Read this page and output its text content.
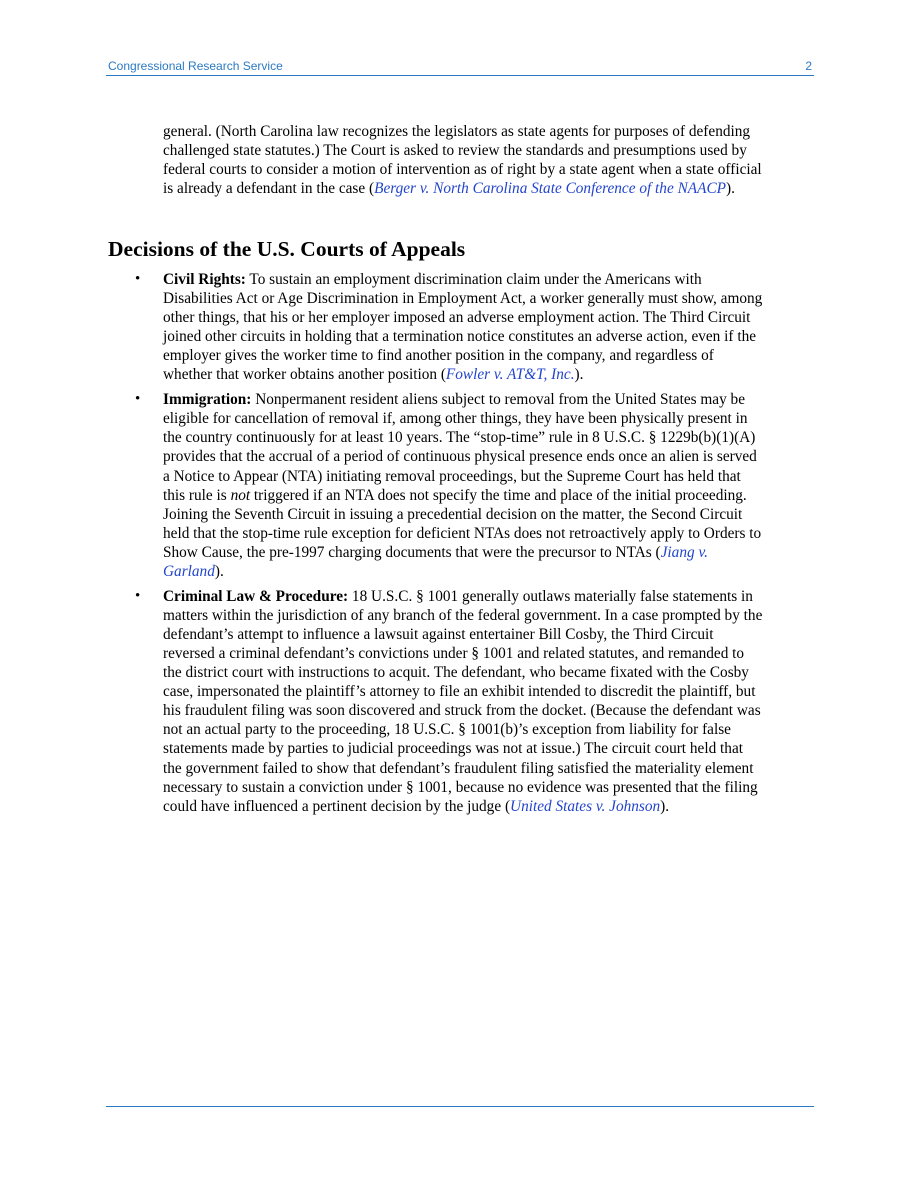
Congressional Research Service	2

general. (North Carolina law recognizes the legislators as state agents for purposes of defending challenged state statutes.) The Court is asked to review the standards and presumptions used by federal courts to consider a motion of intervention as of right by a state agent when a state official is already a defendant in the case (Berger v. North Carolina State Conference of the NAACP).

Decisions of the U.S. Courts of Appeals
• Civil Rights: To sustain an employment discrimination claim under the Americans with Disabilities Act or Age Discrimination in Employment Act, a worker generally must show, among other things, that his or her employer imposed an adverse employment action. The Third Circuit joined other circuits in holding that a termination notice constitutes an adverse action, even if the employer gives the worker time to find another position in the company, and regardless of whether that worker obtains another position (Fowler v. AT&T, Inc.).
• Immigration: Nonpermanent resident aliens subject to removal from the United States may be eligible for cancellation of removal if, among other things, they have been physically present in the country continuously for at least 10 years. The “stop-time” rule in 8 U.S.C. § 1229b(b)(1)(A) provides that the accrual of a period of continuous physical presence ends once an alien is served a Notice to Appear (NTA) initiating removal proceedings, but the Supreme Court has held that this rule is not triggered if an NTA does not specify the time and place of the initial proceeding. Joining the Seventh Circuit in issuing a precedential decision on the matter, the Second Circuit held that the stop-time rule exception for deficient NTAs does not retroactively apply to Orders to Show Cause, the pre-1997 charging documents that were the precursor to NTAs (Jiang v. Garland).
• Criminal Law & Procedure: 18 U.S.C. § 1001 generally outlaws materially false statements in matters within the jurisdiction of any branch of the federal government. In a case prompted by the defendant’s attempt to influence a lawsuit against entertainer Bill Cosby, the Third Circuit reversed a criminal defendant’s convictions under § 1001 and related statutes, and remanded to the district court with instructions to acquit. The defendant, who became fixated with the Cosby case, impersonated the plaintiff’s attorney to file an exhibit intended to discredit the plaintiff, but his fraudulent filing was soon discovered and struck from the docket. (Because the defendant was not an actual party to the proceeding, 18 U.S.C. § 1001(b)’s exception from liability for false statements made by parties to judicial proceedings was not at issue.) The circuit court held that the government failed to show that defendant’s fraudulent filing satisfied the materiality element necessary to sustain a conviction under § 1001, because no evidence was presented that the filing could have influenced a pertinent decision by the judge (United States v. Johnson).
